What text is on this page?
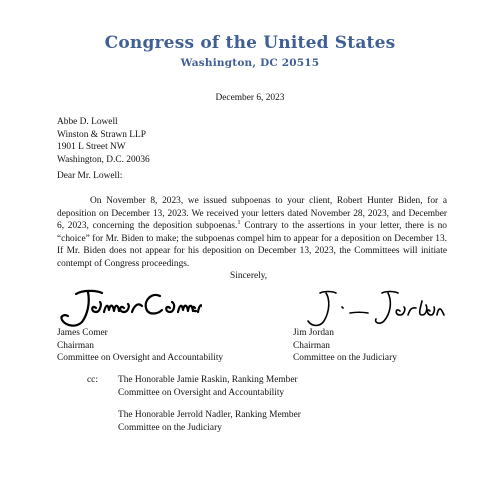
Congress of the United States
Washington, DC 20515
December 6, 2023
Abbe D. Lowell
Winston & Strawn LLP
1901 L Street NW
Washington, D.C. 20036
Dear Mr. Lowell:

On November 8, 2023, we issued subpoenas to your client, Robert Hunter Biden, for a deposition on December 13, 2023. We received your letters dated November 28, 2023, and December 6, 2023, concerning the deposition subpoenas.$^1$ Contrary to the assertions in your letter, there is no “choice” for Mr. Biden to make; the subpoenas compel him to appear for a deposition on December 13. If Mr. Biden does not appear for his deposition on December 13, 2023, the Committees will initiate contempt of Congress proceedings.

Sincerely,
James Comer
Chairman
Committee on Oversight and Accountability
Jim Jordan
Chairman
Committee on the Judiciary
cc: The Honorable Jamie Raskin, Ranking Member
Committee on Oversight and Accountability
The Honorable Jerrold Nadler, Ranking Member
Committee on the Judiciary
